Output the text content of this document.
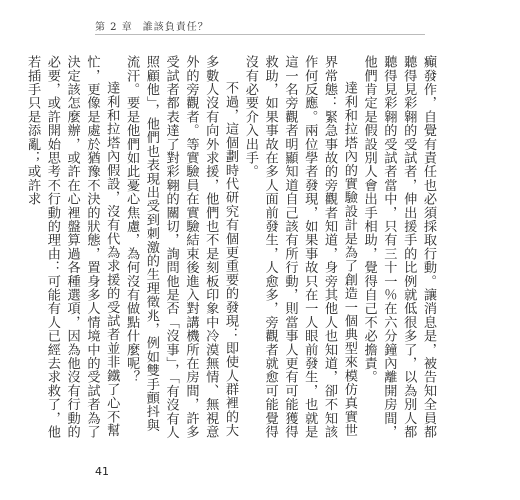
第 2 章 誰該負責任？

癲發作，自覺有責任也必須採取行動。讓消息是，被告知全員都聽得見彩翱的受試者，伸出援手的比例就低很多了，以為別人都聽得見彩翱的受試者當中，只有三十一％在六分鐘內離開房間，他們肯定是假設別人會出手相助，覺得自己不必擔責。

達利和拉塔內的實驗設計是為了創造一個典型來模仿真實世界常態：緊急事故的旁觀者知道，身旁其他人也知道，卻不知該作何反應。兩位學者發現，如果事故只在一人眼前發生，也就是這一名旁觀者明顯知道自己該有所行動，則當事人更有可能獲得救助，如果事故在多人面前發生，人愈多，旁觀者就愈可能覺得沒有必要介入出手。

不過，這個劃時代研究有個更重要的發現：即使人群裡的大多數人沒有向外求援，他們也不是刻板印象中冷漠無情、無視意外的旁觀者。等實驗員在實驗結束後進入對講機所在房間，許多受試者都表達了對彩翱的關切，詢問他是否「沒事」，「有沒有人照顧他」，他們也表現出受到刺激的生理徵兆，例如雙手顫抖與流汗。要是他們如此憂心焦慮，為何沒有做點什麼呢？

達利和拉塔內假設，沒有代為求援的受試者並非鐵了心不幫忙，更像是處於猶豫不決的狀態，置身多人情境中的受試者為了決定該怎麼辦，或許在心裡盤算過各種選項，因為他沒有行動的必要，或許開始思考不行動的理由：可能有人已經去求救了，他若插手只是添亂；或許求

41
